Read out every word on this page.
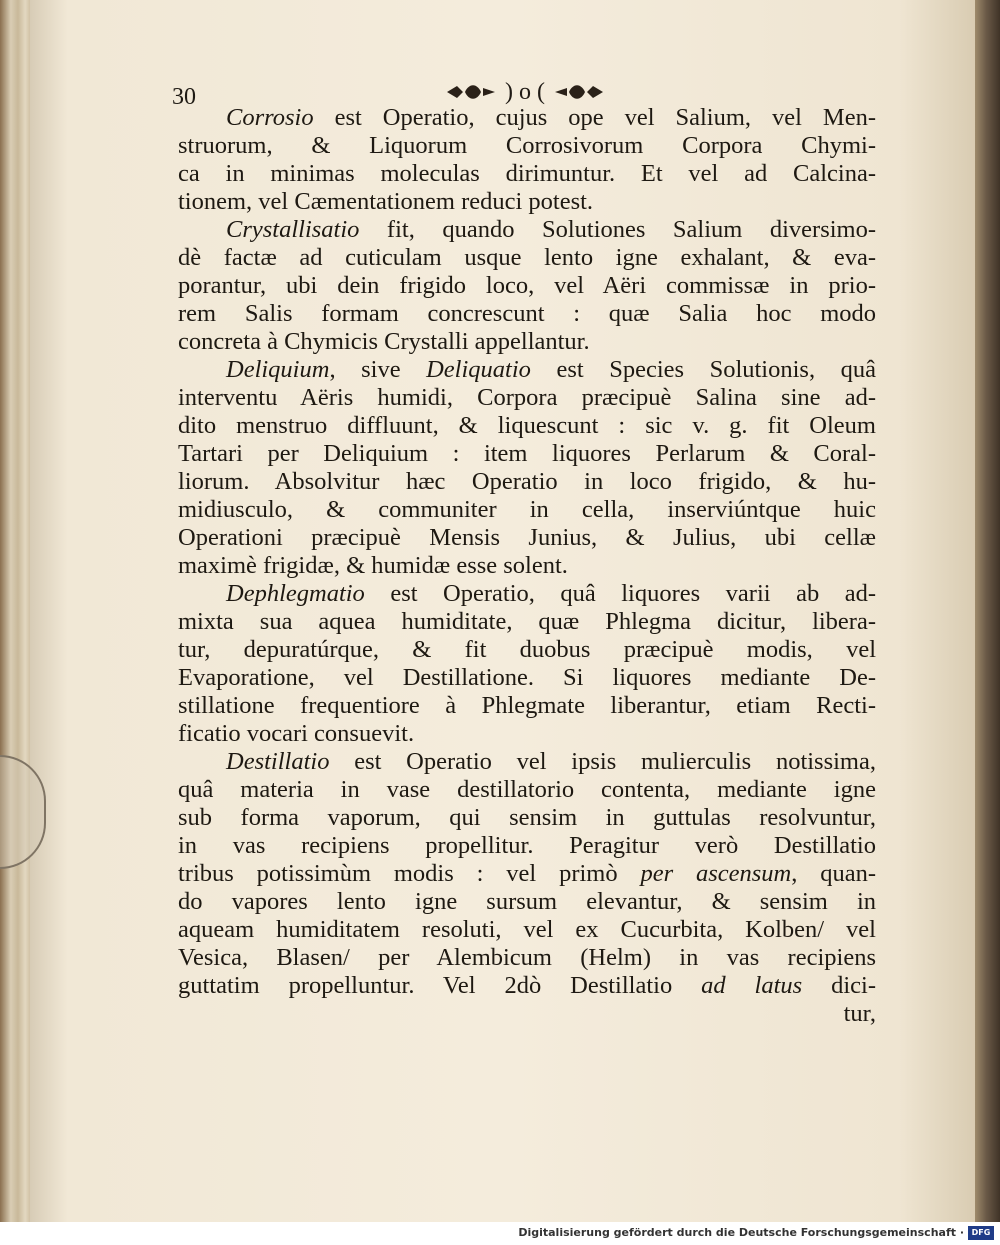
30	) o (
Corrosio est Operatio, cujus ope vel Salium, vel Men-
struorum, & Liquorum Corrosivorum Corpora Chymi-
ca in minimas moleculas dirimuntur. Et vel ad Calcina-
tionem, vel Cæmentationem reduci potest.
Crystallisatio fit, quando Solutiones Salium diversimo-
dè factæ ad cuticulam usque lento igne exhalant, & eva-
porantur, ubi dein frigido loco, vel Aëri commissæ in prio-
rem Salis formam concrescunt : quæ Salia hoc modo
concreta à Chymicis Crystalli appellantur.
Deliquium, sive Deliquatio est Species Solutionis, quâ
interventu Aëris humidi, Corpora præcipuè Salina sine ad-
dito menstruo diffluunt, & liquescunt : sic v. g. fit Oleum
Tartari per Deliquium : item liquores Perlarum & Coral-
liorum. Absolvitur hæc Operatio in loco frigido, & hu-
midiusculo, & communiter in cella, inserviúntque huic
Operationi præcipuè Mensis Junius, & Julius, ubi cellæ
maximè frigidæ, & humidæ esse solent.
Dephlegmatio est Operatio, quâ liquores varii ab ad-
mixta sua aquea humiditate, quæ Phlegma dicitur, libera-
tur, depuratúrque, & fit duobus præcipuè modis, vel
Evaporatione, vel Destillatione. Si liquores mediante De-
stillatione frequentiore à Phlegmate liberantur, etiam Recti-
ficatio vocari consuevit.
Destillatio est Operatio vel ipsis mulierculis notissima,
quâ materia in vase destillatorio contenta, mediante igne
sub forma vaporum, qui sensim in guttulas resolvuntur,
in vas recipiens propellitur. Peragitur verò Destillatio
tribus potissimùm modis : vel primò per ascensum, quan-
do vapores lento igne sursum elevantur, & sensim in
aqueam humiditatem resoluti, vel ex Cucurbita, Kolben/ vel
Vesica, Blasen/ per Alembicum (Helm) in vas recipiens
guttatim propelluntur. Vel 2dò Destillatio ad latus dici-
tur,
Digitalisierung gefördert durch die Deutsche Forschungsgemeinschaft · DFG
